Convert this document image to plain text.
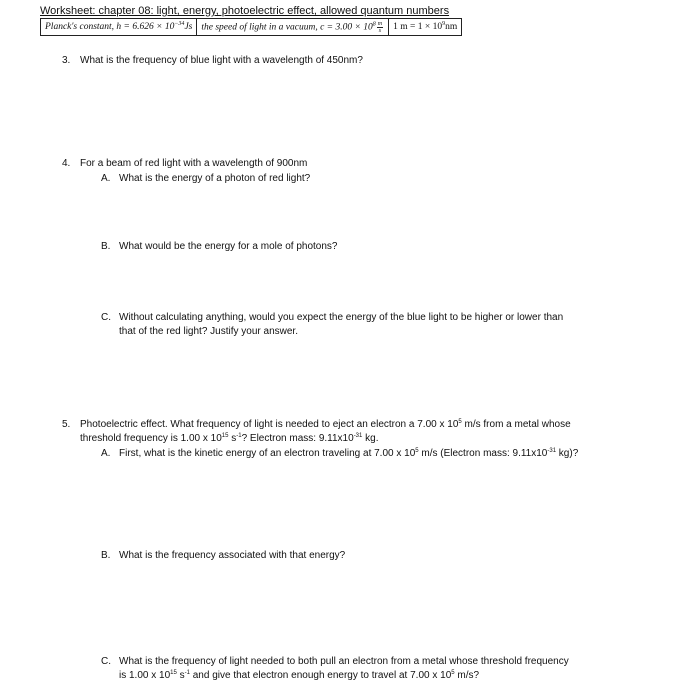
Worksheet: chapter 08: light, energy, photoelectric effect, allowed quantum numbers
Planck's constant, $h = 6.626 \times 10^{-34}Js$	the speed of light in a vacuum, $c = 3.00 \times 10^8 \frac{m}{s}$	1 $m = 1 \times 10^9nm$
3. What is the frequency of blue light with a wavelength of 450nm?
4. For a beam of red light with a wavelength of 900nm
A. What is the energy of a photon of red light?
B. What would be the energy for a mole of photons?
C. Without calculating anything, would you expect the energy of the blue light to be higher or lower than
that of the red light? Justify your answer.
5. Photoelectric effect. What frequency of light is needed to eject an electron a 7.00 x $10^5$ m/s from a metal whose
threshold frequency is 1.00 x $10^{15}$ $s^{-1}$? Electron mass: $9.11x10^{-31}$ kg.
A. First, what is the kinetic energy of an electron traveling at 7.00 x $10^5$ m/s (Electron mass: $9.11x10^{-31}$ kg)?
B. What is the frequency associated with that energy?
C. What is the frequency of light needed to both pull an electron from a metal whose threshold frequency
is 1.00 x $10^{15}$ $s^{-1}$ and give that electron enough energy to travel at 7.00 x $10^5$ m/s?
